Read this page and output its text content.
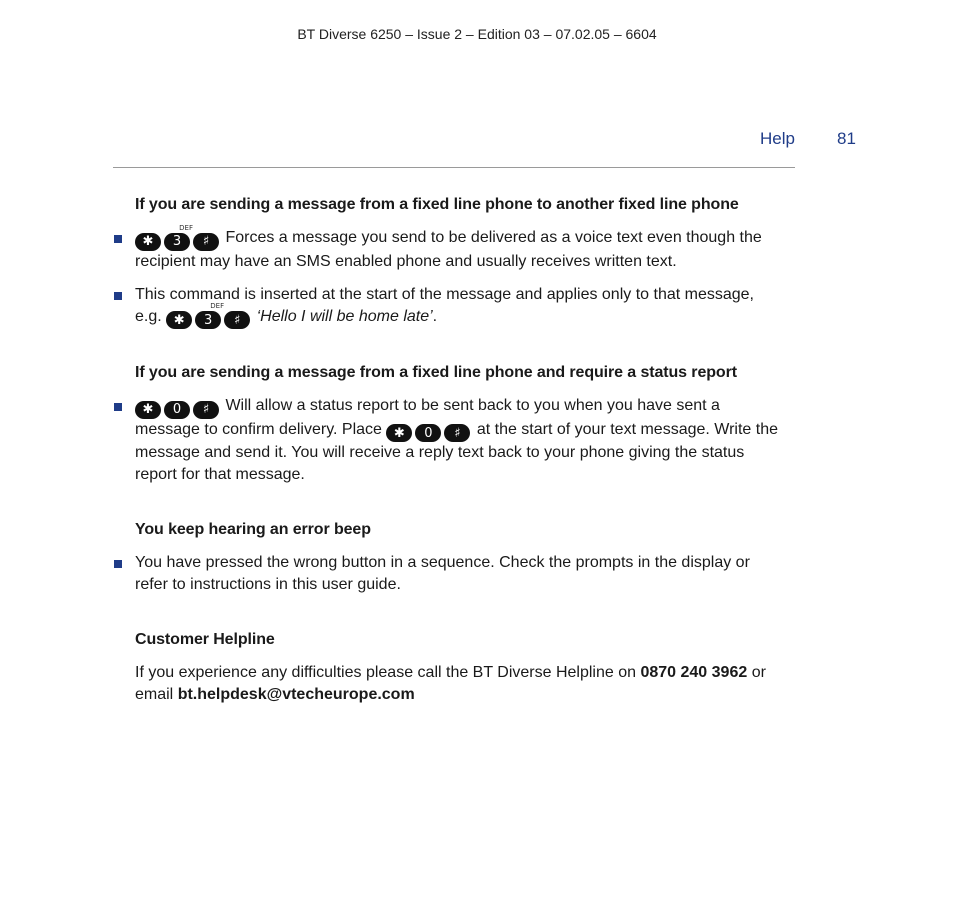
BT Diverse 6250 – Issue 2 – Edition 03 – 07.02.05 – 6604
Help 81

If you are sending a message from a fixed line phone to another fixed line phone

✱	3
DEF
♯	Forces a message you send to be delivered as a voice text even though the recipient may have an SMS enabled phone and usually receives written text.
This command is inserted at the start of the message and applies only to that message, e.g. ✱	3
DEF
♯	‘Hello I will be home late’.

If you are sending a message from a fixed line phone and require a status report

✱	0	♯	Will allow a status report to be sent back to you when you have sent a message to confirm delivery. Place ✱	0	♯	at the start of your text message. Write the message and send it. You will receive a reply text back to your phone giving the status report for that message.

You keep hearing an error beep

You have pressed the wrong button in a sequence. Check the prompts in the display or refer to instructions in this user guide.

Customer Helpline

If you experience any difficulties please call the BT Diverse Helpline on 0870 240 3962 or email bt.helpdesk@vtecheurope.com
